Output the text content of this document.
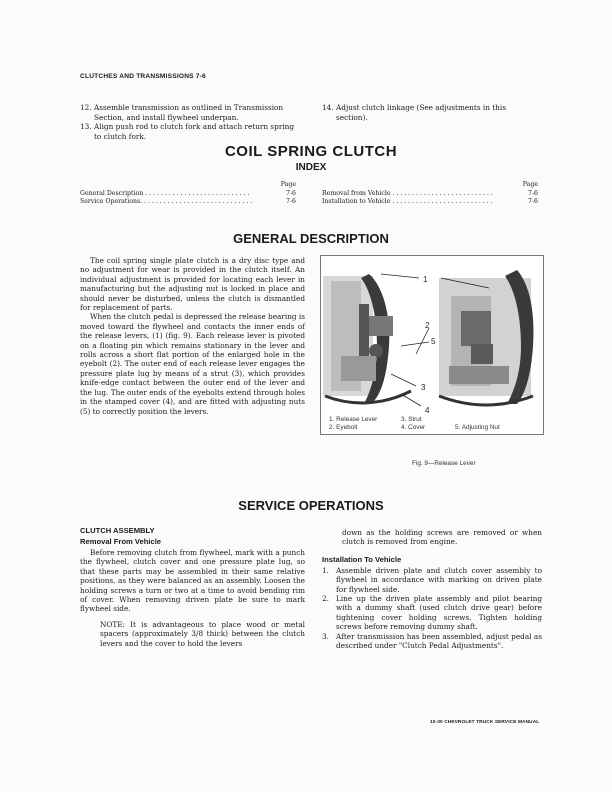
CLUTCHES AND TRANSMISSIONS 7-6
12. Assemble transmission as outlined in Transmission
Section, and install flywheel underpan.
13. Align push rod to clutch fork and attach return spring
to clutch fork.
14. Adjust clutch linkage (See adjustments in this
section).
COIL SPRING CLUTCH
INDEX
Page
General Description . . . . . . . . . . . . . . . . . . . . . . . . . . .	7-6
Service Operations. . . . . . . . . . . . . . . . . . . . . . . . . . . . .	7-6
Page
Removal from Vehicle . . . . . . . . . . . . . . . . . . . . . . . . . .	7-6
Installation to Vehicle . . . . . . . . . . . . . . . . . . . . . . . . . .	7-6
GENERAL DESCRIPTION
The coil spring single plate clutch is a dry disc type and no adjustment for wear is provided in the clutch itself. An individual adjustment is provided for locating each lever in manufacturing but the adjusting nut is locked in place and should never be disturbed, unless the clutch is dismantled for replacement of parts.
When the clutch pedal is depressed the release bearing is moved toward the flywheel and contacts the inner ends of the release levers, (1) (fig. 9). Each release lever is pivoted on a floating pin which remains stationary in the lever and rolls across a short flat portion of the enlarged hole in the eyebolt (2). The outer end of each release lever engages the pressure plate lug by means of a strut (3), which provides knife-edge contact between the outer end of the lever and the lug. The outer ends of the eyebolts extend through holes in the stamped cover (4), and are fitted with adjusting nuts (5) to correctly position the levers.
1
2
5
3
4
1. Release Lever
2. Eyebolt
3. Strut
4. Cover	5. Adjusting Nut
Fig. 9—Release Lever
SERVICE OPERATIONS
CLUTCH ASSEMBLY
Removal From Vehicle
Before removing clutch from flywheel, mark with a punch the flywheel, clutch cover and one pressure plate lug, so that these parts may be assembled in their same relative positions, as they were balanced as an assembly. Loosen the holding screws a turn or two at a time to avoid bending rim of cover. When removing driven plate be sure to mark flywheel side.
NOTE: It is advantageous to place wood or metal spacers (approximately 3/8 thick) between the clutch levers and the cover to hold the levers
down as the holding screws are removed or when clutch is removed from engine.
Installation To Vehicle
1. Assemble driven plate and clutch cover assembly to flywheel in accordance with marking on driven plate for flywheel side.
2. Line up the driven plate assembly and pilot bearing with a dummy shaft (used clutch drive gear) before tightening cover holding screws. Tighten holding screws before removing dummy shaft.
3. After transmission has been assembled, adjust pedal as described under "Clutch Pedal Adjustments".
10-30 CHEVROLET TRUCK SERVICE MANUAL
